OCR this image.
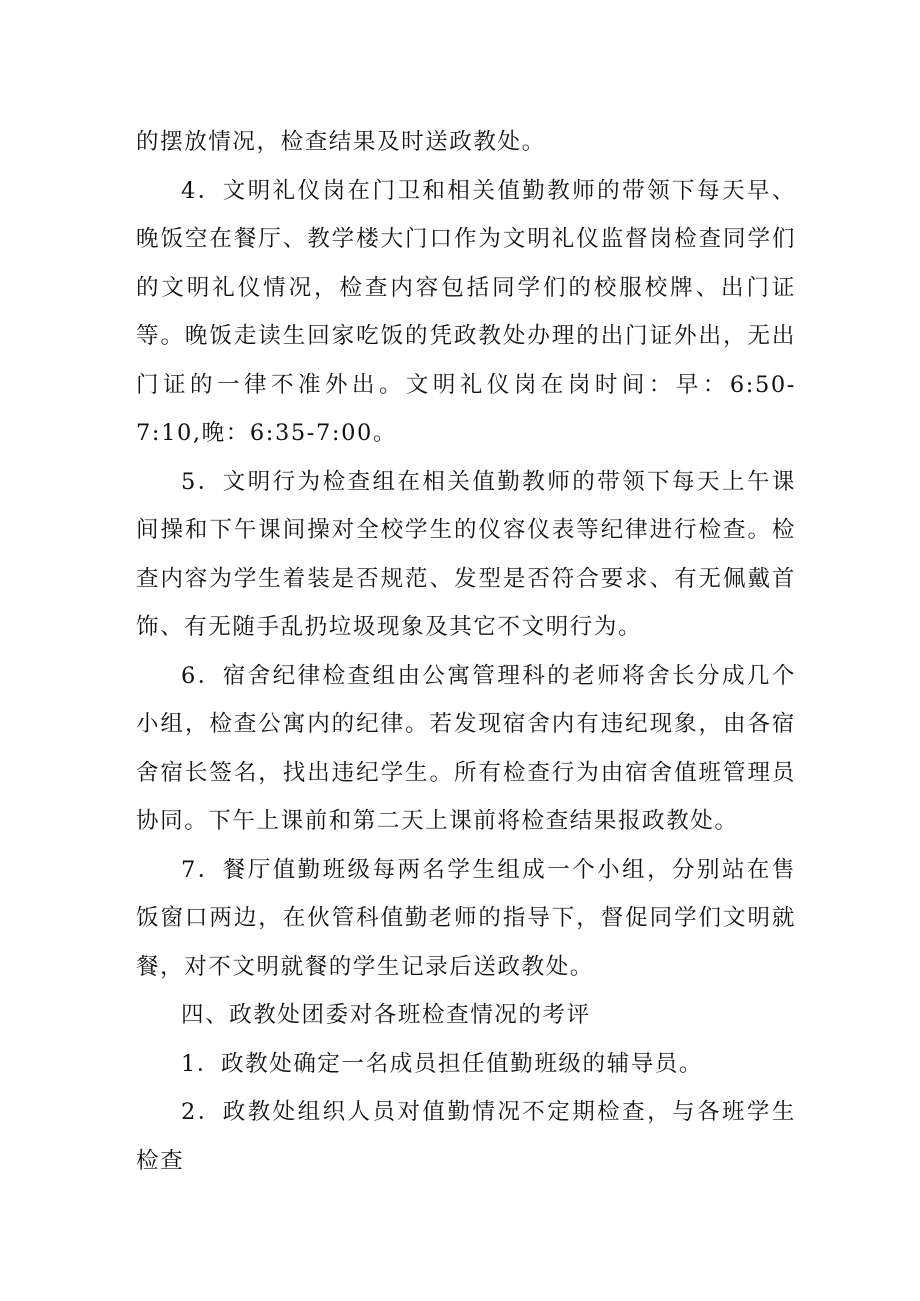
的摆放情况，检查结果及时送政教处。

4．文明礼仪岗在门卫和相关值勤教师的带领下每天早、晚饭空在餐厅、教学楼大门口作为文明礼仪监督岗检查同学们的文明礼仪情况，检查内容包括同学们的校服校牌、出门证等。晚饭走读生回家吃饭的凭政教处办理的出门证外出，无出门证的一律不准外出。文明礼仪岗在岗时间：早：6:50-7:10,晚：6:35-7:00。

5．文明行为检查组在相关值勤教师的带领下每天上午课间操和下午课间操对全校学生的仪容仪表等纪律进行检查。检查内容为学生着装是否规范、发型是否符合要求、有无佩戴首饰、有无随手乱扔垃圾现象及其它不文明行为。

6．宿舍纪律检查组由公寓管理科的老师将舍长分成几个小组，检查公寓内的纪律。若发现宿舍内有违纪现象，由各宿舍宿长签名，找出违纪学生。所有检查行为由宿舍值班管理员协同。下午上课前和第二天上课前将检查结果报政教处。

7．餐厅值勤班级每两名学生组成一个小组，分别站在售饭窗口两边，在伙管科值勤老师的指导下，督促同学们文明就餐，对不文明就餐的学生记录后送政教处。

四、政教处团委对各班检查情况的考评

1．政教处确定一名成员担任值勤班级的辅导员。

2．政教处组织人员对值勤情况不定期检查，与各班学生检查
